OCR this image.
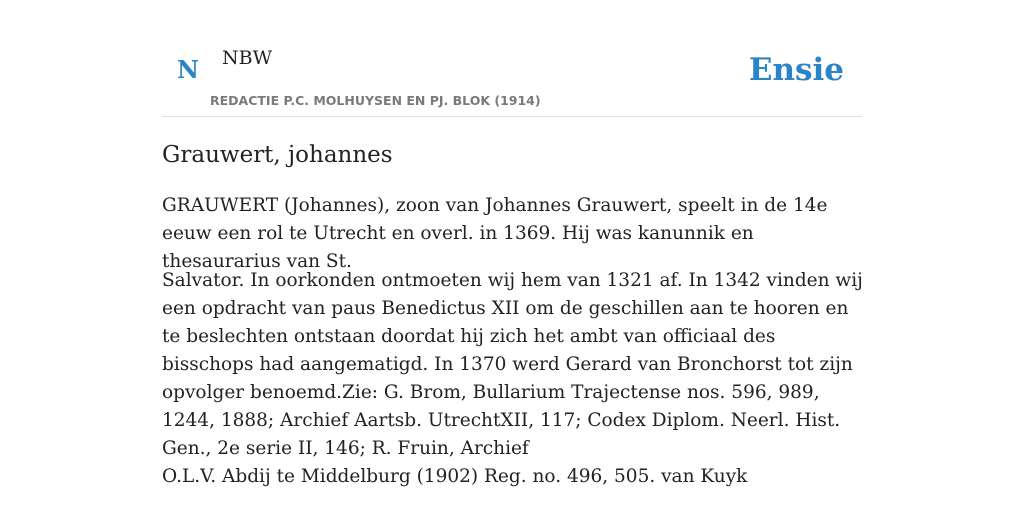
N NBW
REDACTIE P.C. MOLHUYSEN EN PJ. BLOK (1914)
Ensie
Grauwert, johannes

GRAUWERT (Johannes), zoon van Johannes Grauwert, speelt in de 14e eeuw een rol te Utrecht en overl. in 1369. Hij was kanunnik en thesaurarius van St.

Salvator. In oorkonden ontmoeten wij hem van 1321 af. In 1342 vinden wij een opdracht van paus Benedictus XII om de geschillen aan te hooren en te beslechten ontstaan doordat hij zich het ambt van officiaal des bisschops had aangematigd. In 1370 werd Gerard van Bronchorst tot zijn opvolger benoemd.Zie: G. Brom, Bullarium Trajectense nos. 596, 989, 1244, 1888; Archief Aartsb. UtrechtXII, 117; Codex Diplom. Neerl. Hist. Gen., 2e serie II, 146; R. Fruin, Archief

O.L.V. Abdij te Middelburg (1902) Reg. no. 496, 505. van Kuyk
